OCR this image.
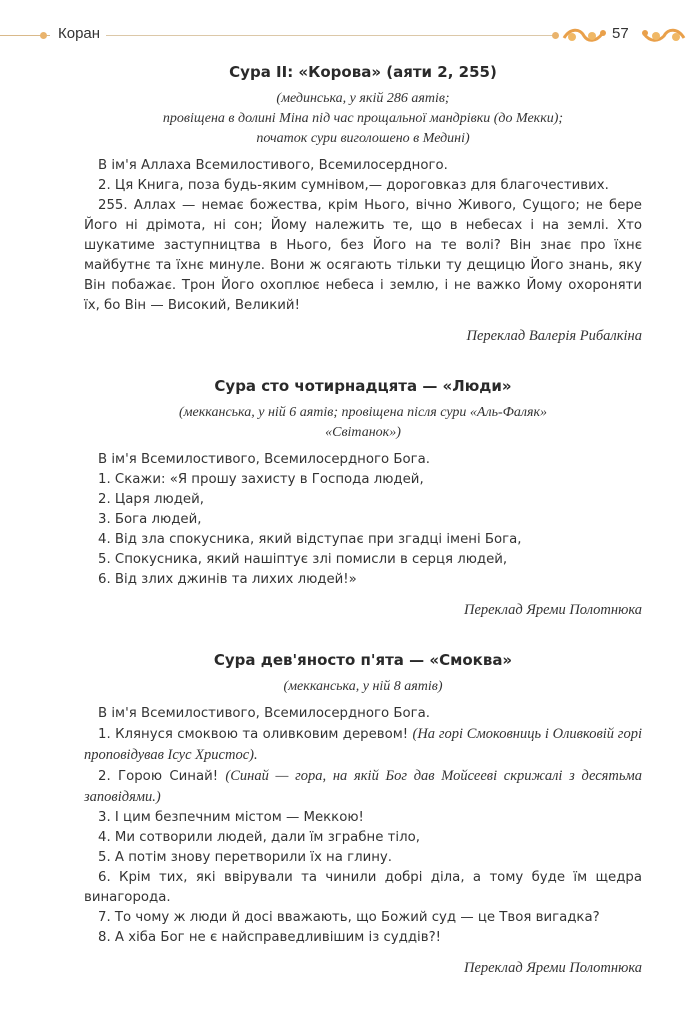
Коран	57
Сура II: «Корова» (аяти 2, 255)
(мединська, у якій 286 аятів;
провіщена в долині Міна під час прощальної мандрівки (до Мекки);
початок сури виголошено в Медині)

В ім'я Аллаха Всемилостивого, Всемилосердного.

2. Ця Книга, поза будь-яким сумнівом,— дороговказ для благочестивих.

255. Аллах — немає божества, крім Нього, вічно Живого, Сущого; не бере Його ні дрімота, ні сон; Йому належить те, що в небесах і на землі. Хто шукатиме заступництва в Нього, без Його на те волі? Він знає про їхнє майбутнє та їхнє минуле. Вони ж осягають тільки ту дещицю Його знань, яку Він побажає. Трон Його охоплює небеса і землю, і не важко Йому охороняти їх, бо Він — Високий, Великий!

Переклад Валерія Рибалкіна

Сура сто чотирнадцята — «Люди»
(мекканська, у ній 6 аятів; провіщена після сури «Аль-Фаляк»
«Світанок»)

В ім'я Всемилостивого, Всемилосердного Бога.

1. Скажи: «Я прошу захисту в Господа людей,

2. Царя людей,

3. Бога людей,

4. Від зла спокусника, який відступає при згадці імені Бога,

5. Спокусника, який нашіптує злі помисли в серця людей,

6. Від злих джинів та лихих людей!»

Переклад Яреми Полотнюка

Сура дев'яносто п'ята — «Смоква»
(мекканська, у ній 8 аятів)

В ім'я Всемилостивого, Всемилосердного Бога.

1. Клянуся смоквою та оливковим деревом! (На горі Смоковниць і Оливковій горі проповідував Ісус Христос).

2. Горою Синай! (Синай — гора, на якій Бог дав Мойсееві скрижалі з десятьма заповідями.)

3. І цим безпечним містом — Меккою!

4. Ми сотворили людей, дали їм зграбне тіло,

5. А потім знову перетворили їх на глину.

6. Крім тих, які ввірували та чинили добрі діла, а тому буде їм щедра винагорода.

7. То чому ж люди й досі вважають, що Божий суд — це Твоя вигадка?

8. А хіба Бог не є найсправедливішим із суддів?!

Переклад Яреми Полотнюка
